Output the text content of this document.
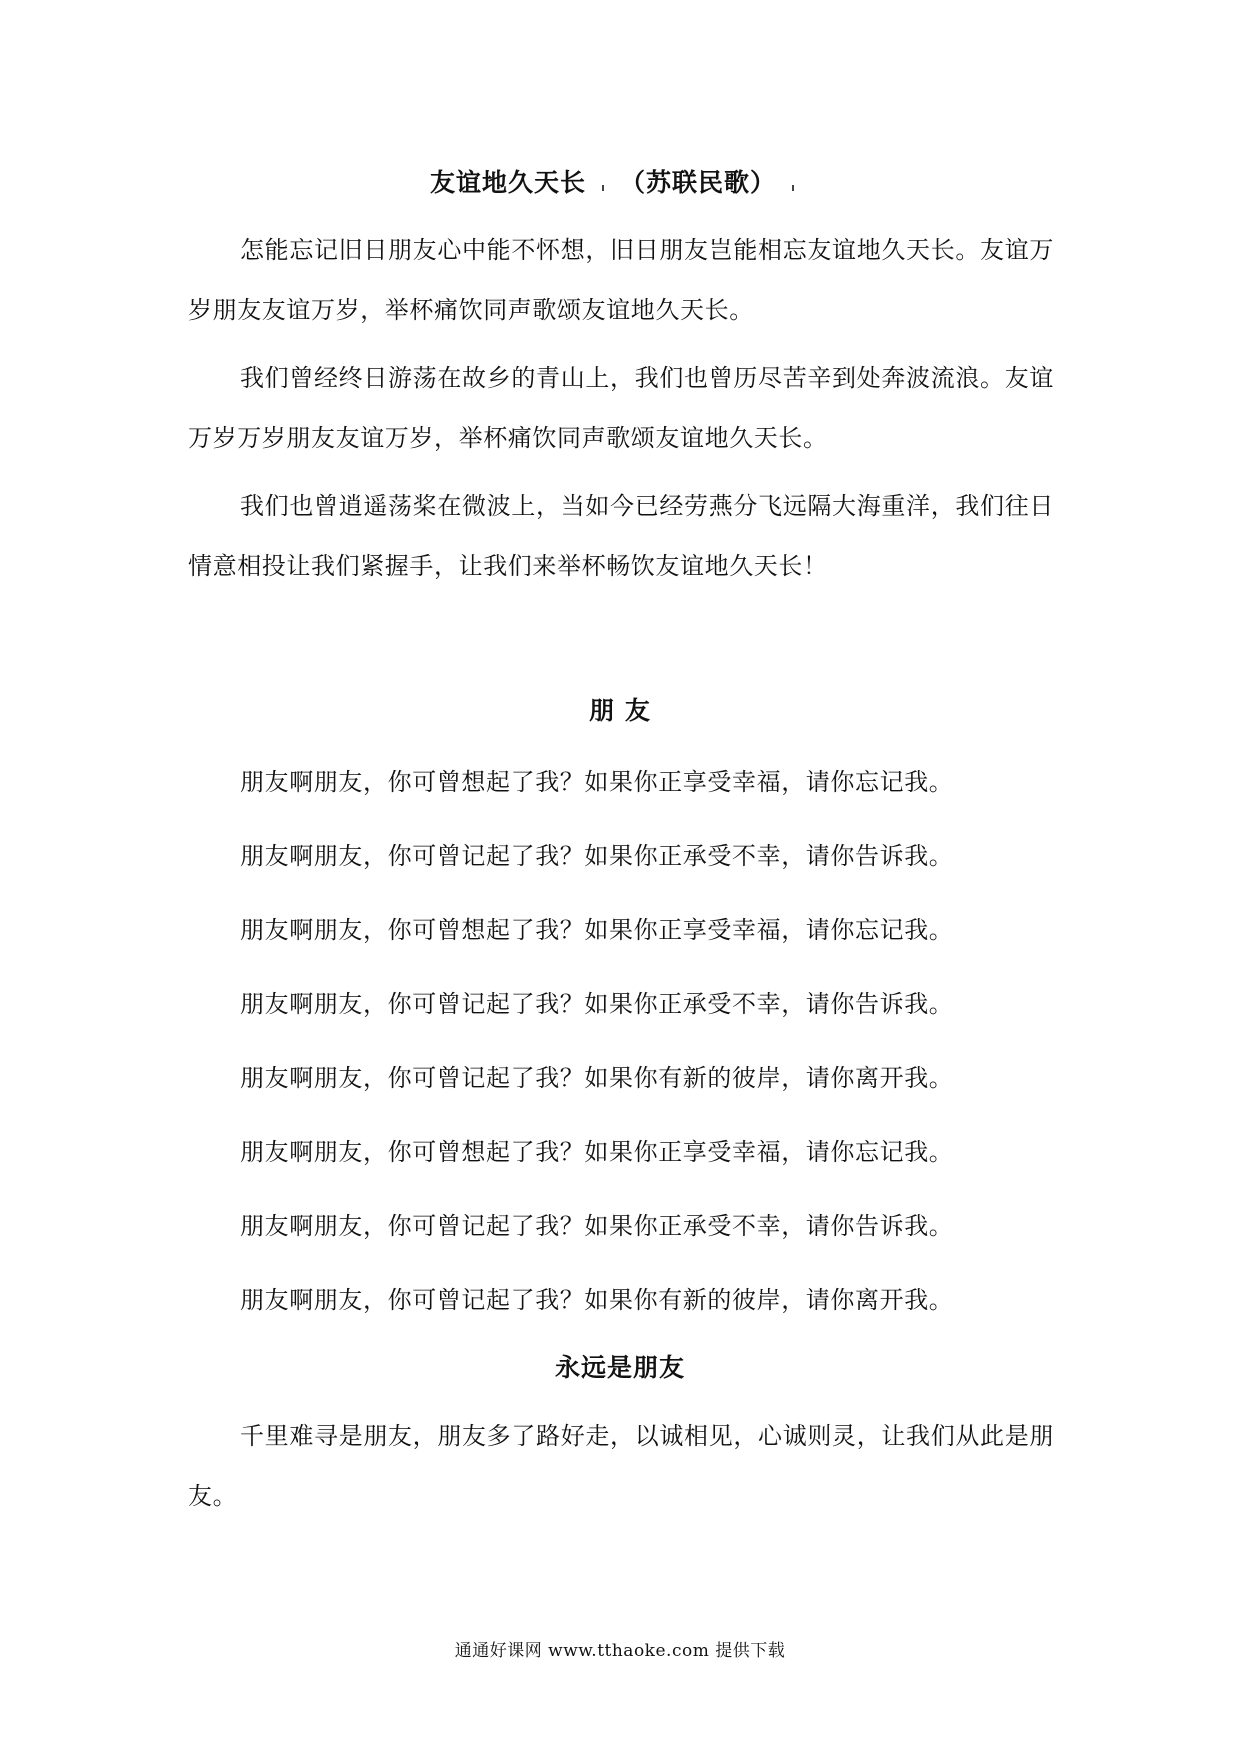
友谊地久天长 （苏联民歌）

怎能忘记旧日朋友心中能不怀想，旧日朋友岂能相忘友谊地久天长。友谊万岁朋友友谊万岁，举杯痛饮同声歌颂友谊地久天长。

我们曾经终日游荡在故乡的青山上，我们也曾历尽苦辛到处奔波流浪。友谊万岁万岁朋友友谊万岁，举杯痛饮同声歌颂友谊地久天长。

我们也曾逍遥荡桨在微波上，当如今已经劳燕分飞远隔大海重洋，我们往日情意相投让我们紧握手，让我们来举杯畅饮友谊地久天长！

朋 友
朋友啊朋友，你可曾想起了我？如果你正享受幸福，请你忘记我。
朋友啊朋友，你可曾记起了我？如果你正承受不幸，请你告诉我。
朋友啊朋友，你可曾想起了我？如果你正享受幸福，请你忘记我。
朋友啊朋友，你可曾记起了我？如果你正承受不幸，请你告诉我。
朋友啊朋友，你可曾记起了我？如果你有新的彼岸，请你离开我。
朋友啊朋友，你可曾想起了我？如果你正享受幸福，请你忘记我。
朋友啊朋友，你可曾记起了我？如果你正承受不幸，请你告诉我。
朋友啊朋友，你可曾记起了我？如果你有新的彼岸，请你离开我。
永远是朋友

千里难寻是朋友，朋友多了路好走，以诚相见，心诚则灵，让我们从此是朋友。

通通好课网 www.tthaoke.com 提供下载
